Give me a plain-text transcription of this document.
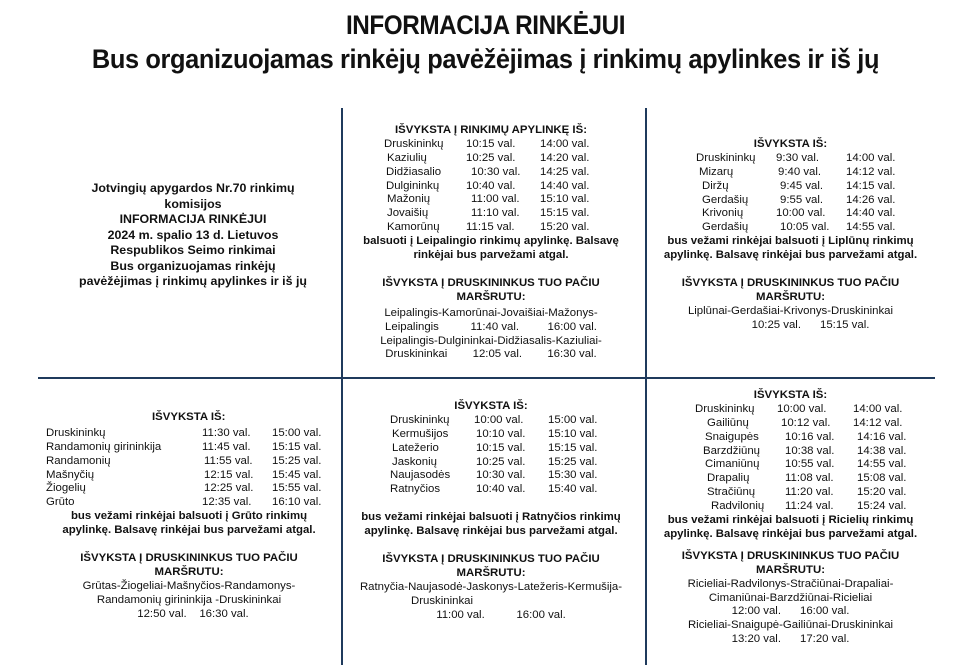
INFORMACIJA RINKĖJUI
Bus organizuojamas rinkėjų pavėžėjimas į rinkimų apylinkes ir iš jų
Jotvingių apygardos Nr.70 rinkimų
komisijos
INFORMACIJA RINKĖJUI
2024 m. spalio 13 d. Lietuvos
Respublikos Seimo rinkimai
Bus organizuojamas rinkėjų
pavėžėjimas į rinkimų apylinkes ir iš jų
IŠVYKSTA Į RINKIMŲ APYLINKĘ IŠ:
Druskininkų	10:15 val.	14:00 val.
Kaziulių	10:25 val.	14:20 val.
Didžiasalio	10:30 val.	14:25 val.
Dulgininkų	10:40 val.	14:40 val.
Mažonių	11:00 val.	15:10 val.
Jovaišių	11:10 val.	15:15 val.
Kamorūnų	11:15 val.	15:20 val.
balsuoti į Leipalingio rinkimų apylinkę. Balsavę
rinkėjai bus parvežami atgal.
IŠVYKSTA Į DRUSKININKUS TUO PAČIU
MARŠRUTU:
Leipalingis-Kamorūnai-Jovaišiai-Mažonys-
Leipalingis          11:40 val.         16:00 val.
Leipalingis-Dulgininkai-Didžiasalis-Kaziuliai-
Druskininkai        12:05 val.        16:30 val.
IŠVYKSTA IŠ:
Druskininkų	9:30 val.	14:00 val.
Mizarų	9:40 val.	14:12 val.
Diržų	9:45 val.	14:15 val.
Gerdašių	9:55 val.	14:26 val.
Krivonių	10:00 val.	14:40 val.
Gerdašių	10:05 val.	14:55 val.
bus vežami rinkėjai balsuoti į Liplūnų rinkimų
apylinkę. Balsavę rinkėjai bus parvežami atgal.
IŠVYKSTA Į DRUSKININKUS TUO PAČIU
MARŠRUTU:
Liplūnai-Gerdašiai-Krivonys-Druskininkai
10:25 val.      15:15 val.
IŠVYKSTA IŠ:
Druskininkų	11:30 val.	15:00 val.
Randamonių girininkija	11:45 val.	15:15 val.
Randamonių	11:55 val.	15:25 val.
Mašnyčių	12:15 val.	15:45 val.
Žiogelių	12:25 val.	15:55 val.
Grūto	12:35 val.	16:10 val.
bus vežami rinkėjai balsuoti į Grūto rinkimų
apylinkę. Balsavę rinkėjai bus parvežami atgal.
IŠVYKSTA Į DRUSKININKUS TUO PAČIU
MARŠRUTU:
Grūtas-Žiogeliai-Mašnyčios-Randamonys-
Randamonių girininkija -Druskininkai
12:50 val.    16:30 val.
IŠVYKSTA IŠ:
Druskininkų	10:00 val.	15:00 val.
Kermušijos	10:10 val.	15:10 val.
Latežerio	10:15 val.	15:15 val.
Jaskonių	10:25 val.	15:25 val.
Naujasodės	10:30 val.	15:30 val.
Ratnyčios	10:40 val.	15:40 val.
bus vežami rinkėjai balsuoti į Ratnyčios rinkimų
apylinkę. Balsavę rinkėjai bus parvežami atgal.
IŠVYKSTA Į DRUSKININKUS TUO PAČIU
MARŠRUTU:
Ratnyčia-Naujasodė-Jaskonys-Latežeris-Kermušija-
Druskininkai
11:00 val.          16:00 val.
IŠVYKSTA IŠ:
Druskininkų	10:00 val.	14:00 val.
Gailiūnų	10:12 val.	14:12 val.
Snaigupės	10:16 val.	14:16 val.
Barzdžiūnų	10:38 val.	14:38 val.
Cimaniūnų	10:55 val.	14:55 val.
Drapalių	11:08 val.	15:08 val.
Stračiūnų	11:20 val.	15:20 val.
Radvilonių	11:24 val.	15:24 val.
bus vežami rinkėjai balsuoti į Ricielių rinkimų
apylinkę. Balsavę rinkėjai bus parvežami atgal.
IŠVYKSTA Į DRUSKININKUS TUO PAČIU
MARŠRUTU:
Ricieliai-Radvilonys-Stračiūnai-Drapaliai-
Cimaniūnai-Barzdžiūnai-Ricieliai
12:00 val.      16:00 val.
Ricieliai-Snaigupė-Gailiūnai-Druskininkai
13:20 val.      17:20 val.
